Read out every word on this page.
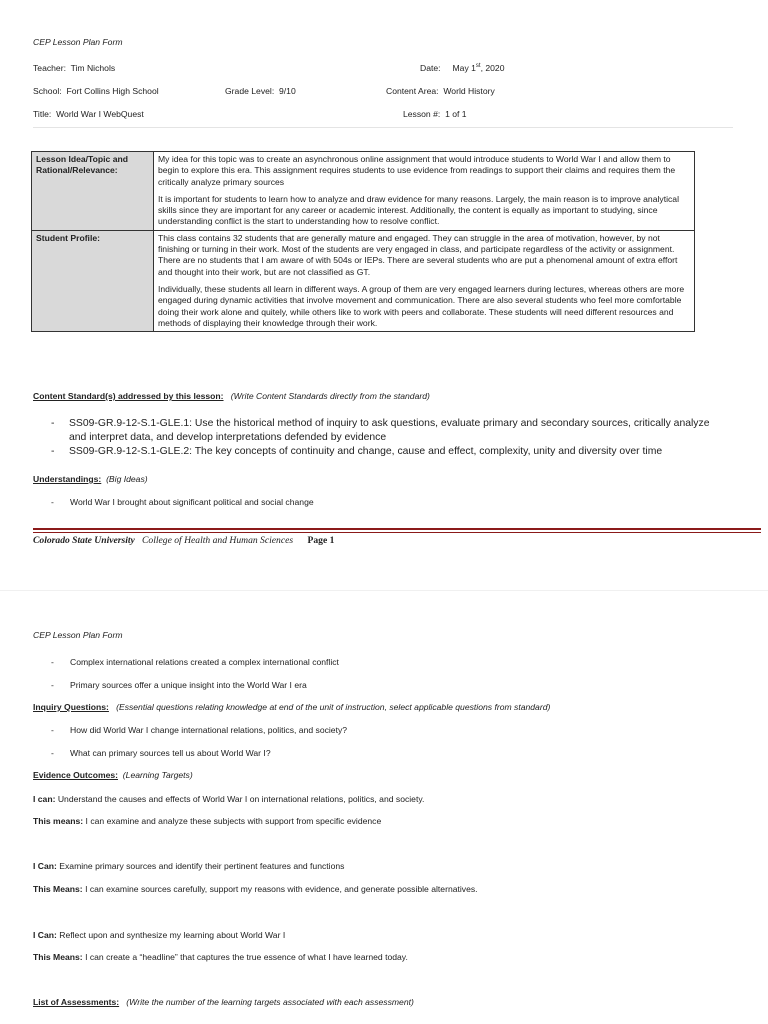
CEP Lesson Plan Form
Teacher: Tim Nichols	Date: May 1st, 2020
School: Fort Collins High School	Grade Level: 9/10	Content Area: World History
Title: World War I WebQuest	Lesson #: 1 of 1
Lesson Idea/Topic and Rational/Relevance:	My idea for this topic was to create an asynchronous online assignment that would introduce students to World War I and allow them to begin to explore this era. This assignment requires students to use evidence from readings to support their claims and requires them the critically analyze primary sources

It is important for students to learn how to analyze and draw evidence for many reasons. Largely, the main reason is to improve analytical skills since they are important for any career or academic interest. Additionally, the content is equally as important to studying, since understanding conflict is the start to understanding how to resolve conflict.

Student Profile:	This class contains 32 students that are generally mature and engaged. They can struggle in the area of motivation, however, by not finishing or turning in their work. Most of the students are very engaged in class, and participate regardless of the activity or assignment. There are no students that I am aware of with 504s or IEPs. There are several students who are put a phenomenal amount of extra effort and thought into their work, but are not classified as GT.

Individually, these students all learn in different ways. A group of them are very engaged learners during lectures, whereas others are more engaged during dynamic activities that involve movement and communication. There are also several students who feel more comfortable doing their work alone and quitely, while others like to work with peers and collaborate. These students will need different resources and methods of displaying their knowledge through their work.

Content Standard(s) addressed by this lesson: (Write Content Standards directly from the standard)
-	SS09-GR.9-12-S.1-GLE.1: Use the historical method of inquiry to ask questions, evaluate primary and secondary sources, critically analyze and interpret data, and develop interpretations defended by evidence
-	SS09-GR.9-12-S.1-GLE.2: The key concepts of continuity and change, cause and effect, complexity, unity and diversity over time
Understandings: (Big Ideas)
- World War I brought about significant political and social change
Colorado State University College of Health and Human Sciences Page 1
CEP Lesson Plan Form
- Complex international relations created a complex international conflict
- Primary sources offer a unique insight into the World War I era
Inquiry Questions: (Essential questions relating knowledge at end of the unit of instruction, select applicable questions from standard)
- How did World War I change international relations, politics, and society?
- What can primary sources tell us about World War I?
Evidence Outcomes: (Learning Targets)
I can: Understand the causes and effects of World War I on international relations, politics, and society.
This means: I can examine and analyze these subjects with support from specific evidence
I Can: Examine primary sources and identify their pertinent features and functions
This Means: I can examine sources carefully, support my reasons with evidence, and generate possible alternatives.
I Can: Reflect upon and synthesize my learning about World War I
This Means: I can create a “headline” that captures the true essence of what I have learned today.
List of Assessments: (Write the number of the learning targets associated with each assessment)
